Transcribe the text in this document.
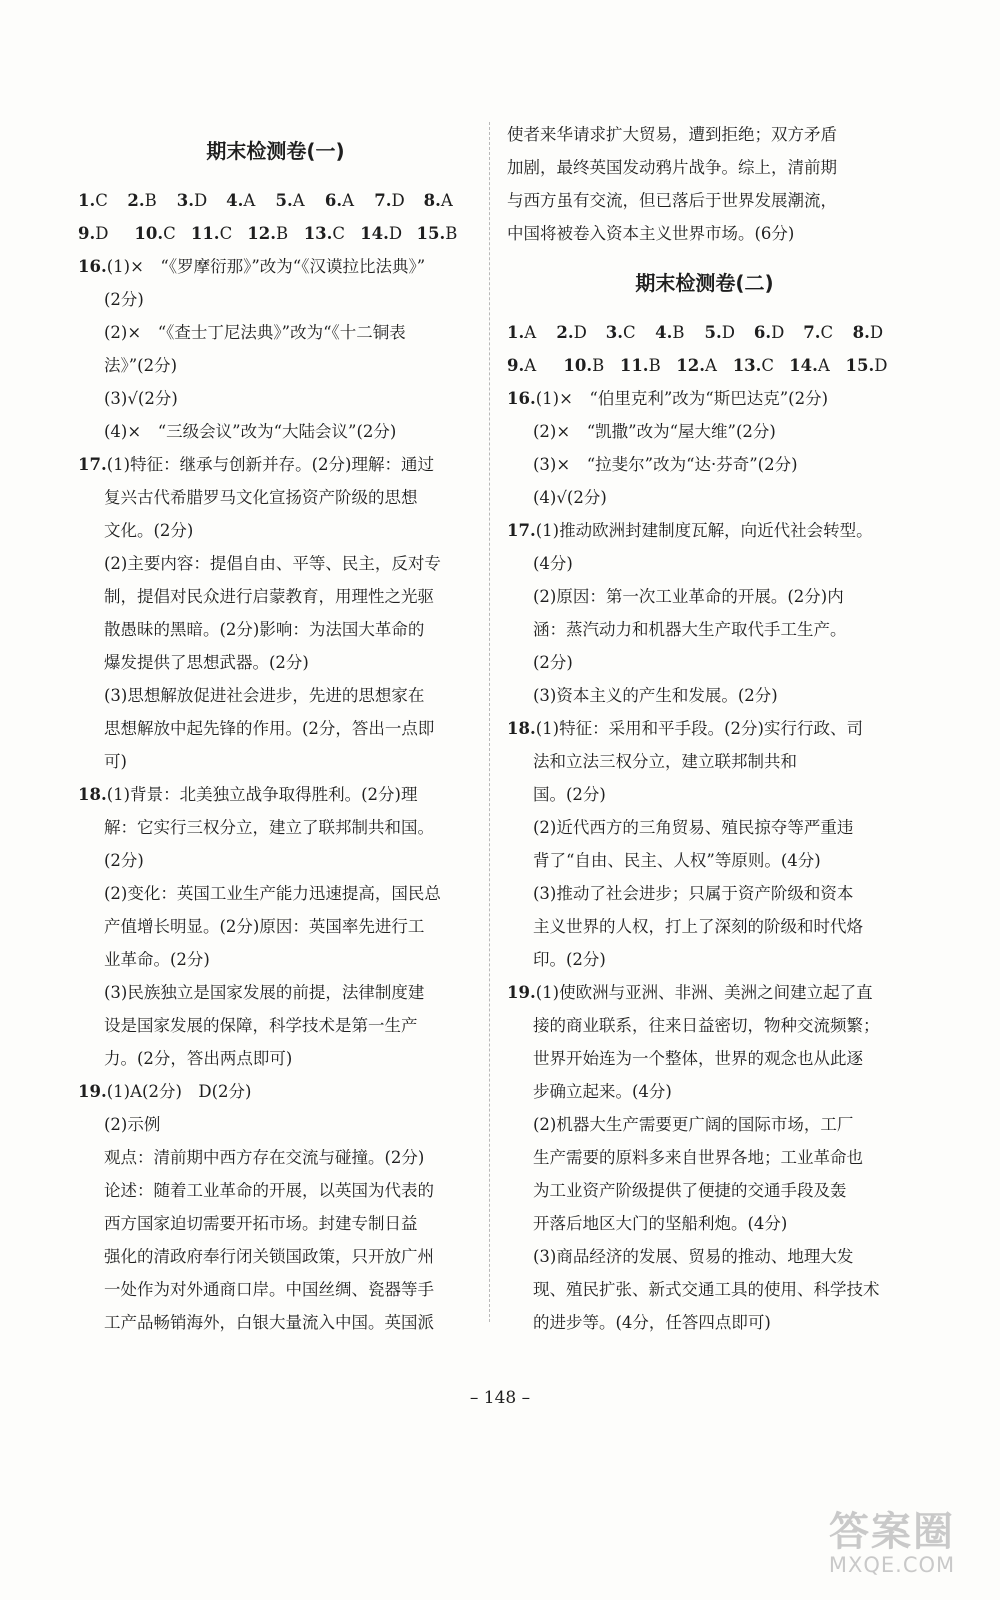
期末检测卷(一)
1.C	2.B	3.D	4.A	5.A	6.A	7.D	8.A
9.D	10.C 11.C 12.B 13.C 14.D 15.B
16.(1)×　“《罗摩衍那》”改为“《汉谟拉比法典》”
(2分)
(2)×　“《查士丁尼法典》”改为“《十二铜表
法》”(2分)
(3)√(2分)
(4)×　“三级会议”改为“大陆会议”(2分)
17.(1)特征：继承与创新并存。(2分)理解：通过
复兴古代希腊罗马文化宣扬资产阶级的思想
文化。(2分)
(2)主要内容：提倡自由、平等、民主，反对专
制，提倡对民众进行启蒙教育，用理性之光驱
散愚昧的黑暗。(2分)影响：为法国大革命的
爆发提供了思想武器。(2分)
(3)思想解放促进社会进步，先进的思想家在
思想解放中起先锋的作用。(2分，答出一点即
可)
18.(1)背景：北美独立战争取得胜利。(2分)理
解：它实行三权分立，建立了联邦制共和国。
(2分)
(2)变化：英国工业生产能力迅速提高，国民总
产值增长明显。(2分)原因：英国率先进行工
业革命。(2分)
(3)民族独立是国家发展的前提，法律制度建
设是国家发展的保障，科学技术是第一生产
力。(2分，答出两点即可)
19.(1)A(2分)　D(2分)
(2)示例
观点：清前期中西方存在交流与碰撞。(2分)
论述：随着工业革命的开展，以英国为代表的
西方国家迫切需要开拓市场。封建专制日益
强化的清政府奉行闭关锁国政策，只开放广州
一处作为对外通商口岸。中国丝绸、瓷器等手
工产品畅销海外，白银大量流入中国。英国派
使者来华请求扩大贸易，遭到拒绝；双方矛盾
加剧，最终英国发动鸦片战争。综上，清前期
与西方虽有交流，但已落后于世界发展潮流，
中国将被卷入资本主义世界市场。(6分)
期末检测卷(二)
1.A	2.D	3.C	4.B	5.D	6.D	7.C	8.D
9.A	10.B 11.B 12.A 13.C 14.A 15.D
16.(1)×　“伯里克利”改为“斯巴达克”(2分)
(2)×　“凯撒”改为“屋大维”(2分)
(3)×　“拉斐尔”改为“达·芬奇”(2分)
(4)√(2分)
17.(1)推动欧洲封建制度瓦解，向近代社会转型。
(4分)
(2)原因：第一次工业革命的开展。(2分)内
涵：蒸汽动力和机器大生产取代手工生产。
(2分)
(3)资本主义的产生和发展。(2分)
18.(1)特征：采用和平手段。(2分)实行行政、司
法和立法三权分立，建立联邦制共和
国。(2分)
(2)近代西方的三角贸易、殖民掠夺等严重违
背了“自由、民主、人权”等原则。(4分)
(3)推动了社会进步；只属于资产阶级和资本
主义世界的人权，打上了深刻的阶级和时代烙
印。(2分)
19.(1)使欧洲与亚洲、非洲、美洲之间建立起了直
接的商业联系，往来日益密切，物种交流频繁；
世界开始连为一个整体，世界的观念也从此逐
步确立起来。(4分)
(2)机器大生产需要更广阔的国际市场，工厂
生产需要的原料多来自世界各地；工业革命也
为工业资产阶级提供了便捷的交通手段及轰
开落后地区大门的坚船利炮。(4分)
(3)商品经济的发展、贸易的推动、地理大发
现、殖民扩张、新式交通工具的使用、科学技术
的进步等。(4分，任答四点即可)
– 148 –
答案圈
MXQE.COM
